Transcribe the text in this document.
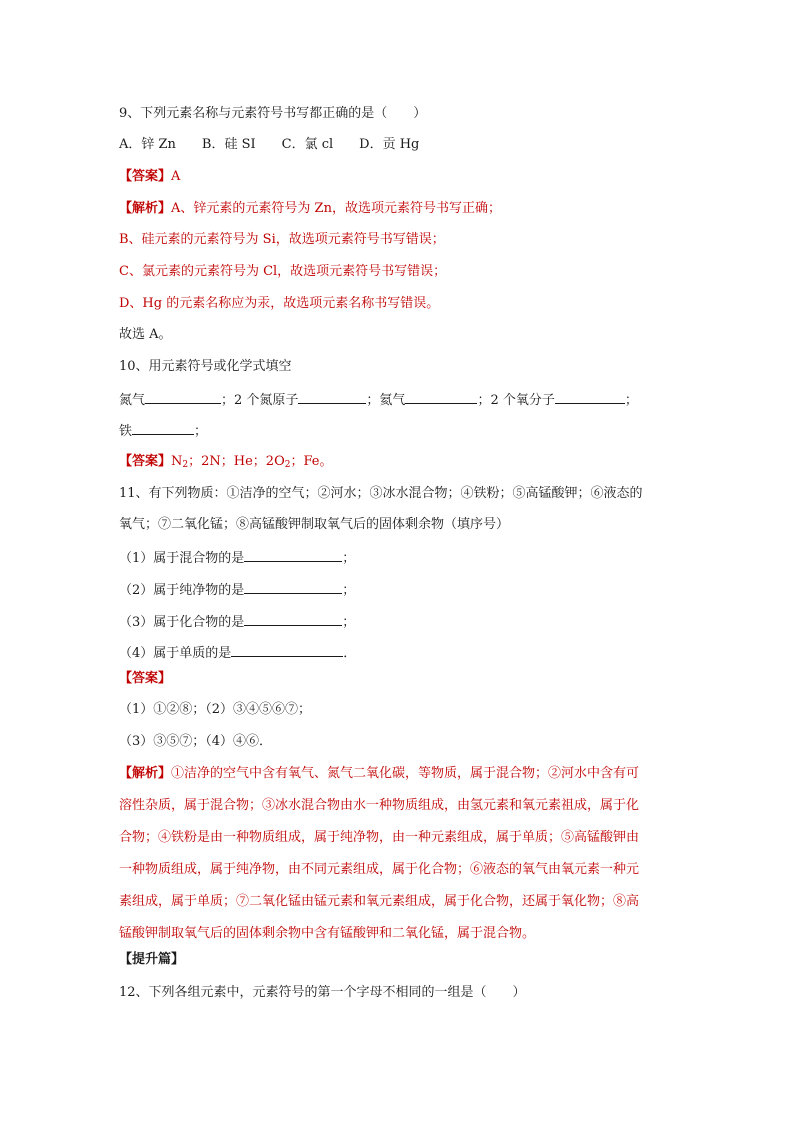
9、下列元素名称与元素符号书写都正确的是（　　）
A．锌 Zn　　B．硅 SI　　C．氯 cl　　D．贡 Hg
【答案】A
【解析】A、锌元素的元素符号为 Zn，故选项元素符号书写正确；
B、硅元素的元素符号为 Si，故选项元素符号书写错误；
C、氯元素的元素符号为 Cl，故选项元素符号书写错误；
D、Hg 的元素名称应为汞，故选项元素名称书写错误。
故选 A。
10、用元素符号或化学式填空
氮气	；2 个氮原子	；氦气	；2 个氧分子	；
铁	；
【答案】$N_2$；2N；He；$2O_2$；Fe。
11、有下列物质：①洁净的空气；②河水；③冰水混合物；④铁粉；⑤高锰酸钾；⑥液态的
氧气；⑦二氧化锰；⑧高锰酸钾制取氧气后的固体剩余物（填序号）
（1）属于混合物的是	；
（2）属于纯净物的是	；
（3）属于化合物的是	；
（4）属于单质的是	．
【答案】
（1）①②⑧；（2）③④⑤⑥⑦；
（3）③⑤⑦；（4）④⑥．
【解析】①洁净的空气中含有氧气、氮气二氧化碳，等物质，属于混合物；②河水中含有可
溶性杂质，属于混合物；③冰水混合物由水一种物质组成，由氢元素和氧元素祖成，属于化
合物；④铁粉是由一种物质组成，属于纯净物，由一种元素组成，属于单质；⑤高锰酸钾由
一种物质组成，属于纯净物，由不同元素组成，属于化合物；⑥液态的氧气由氧元素一种元
素组成，属于单质；⑦二氧化锰由锰元素和氧元素组成，属于化合物，还属于氧化物；⑧高
锰酸钾制取氧气后的固体剩余物中含有锰酸钾和二氧化锰，属于混合物。
【提升篇】
12、下列各组元素中，元素符号的第一个字母不相同的一组是（　　）
